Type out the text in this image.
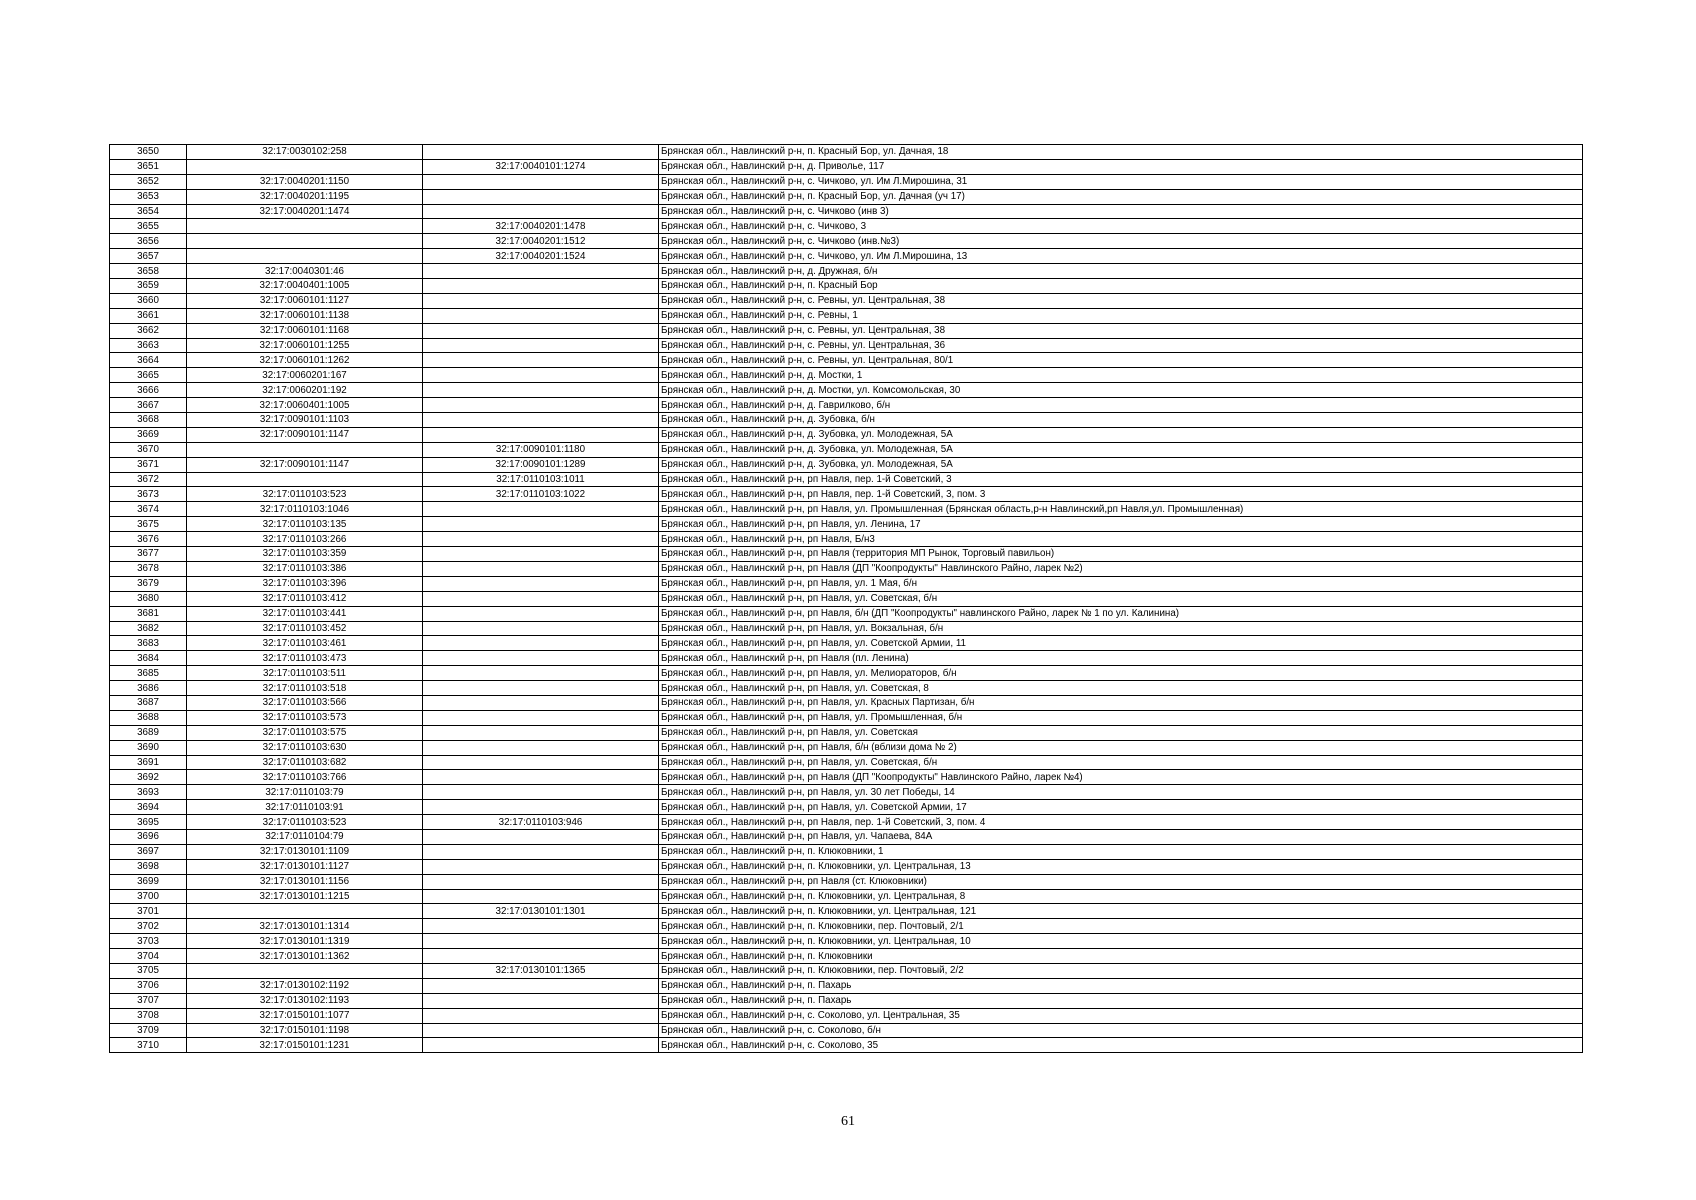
3650	32:17:0030102:258		Брянская обл., Навлинский р-н, п. Красный Бор, ул. Дачная, 18
3651		32:17:0040101:1274	Брянская обл., Навлинский р-н, д. Приволье, 117
3652	32:17:0040201:1150		Брянская обл., Навлинский р-н, с. Чичково, ул. Им Л.Мирошина, 31
3653	32:17:0040201:1195		Брянская обл., Навлинский р-н, п. Красный Бор, ул. Дачная (уч 17)
3654	32:17:0040201:1474		Брянская обл., Навлинский р-н, с. Чичково (инв 3)
3655		32:17:0040201:1478	Брянская обл., Навлинский р-н, с. Чичково, 3
3656		32:17:0040201:1512	Брянская обл., Навлинский р-н, с. Чичково (инв.№3)
3657		32:17:0040201:1524	Брянская обл., Навлинский р-н, с. Чичково, ул. Им Л.Мирошина, 13
3658	32:17:0040301:46		Брянская обл., Навлинский р-н, д. Дружная, б/н
3659	32:17:0040401:1005		Брянская обл., Навлинский р-н, п. Красный Бор
3660	32:17:0060101:1127		Брянская обл., Навлинский р-н, с. Ревны, ул. Центральная, 38
3661	32:17:0060101:1138		Брянская обл., Навлинский р-н, с. Ревны, 1
3662	32:17:0060101:1168		Брянская обл., Навлинский р-н, с. Ревны, ул. Центральная, 38
3663	32:17:0060101:1255		Брянская обл., Навлинский р-н, с. Ревны, ул. Центральная, 36
3664	32:17:0060101:1262		Брянская обл., Навлинский р-н, с. Ревны, ул. Центральная, 80/1
3665	32:17:0060201:167		Брянская обл., Навлинский р-н, д. Мостки, 1
3666	32:17:0060201:192		Брянская обл., Навлинский р-н, д. Мостки, ул. Комсомольская, 30
3667	32:17:0060401:1005		Брянская обл., Навлинский р-н, д. Гаврилково, б/н
3668	32:17:0090101:1103		Брянская обл., Навлинский р-н, д. Зубовка, б/н
3669	32:17:0090101:1147		Брянская обл., Навлинский р-н, д. Зубовка, ул. Молодежная, 5А
3670		32:17:0090101:1180	Брянская обл., Навлинский р-н, д. Зубовка, ул. Молодежная, 5А
3671	32:17:0090101:1147	32:17:0090101:1289	Брянская обл., Навлинский р-н, д. Зубовка, ул. Молодежная, 5А
3672		32:17:0110103:1011	Брянская обл., Навлинский р-н, рп Навля, пер. 1-й Советский, 3
3673	32:17:0110103:523	32:17:0110103:1022	Брянская обл., Навлинский р-н, рп Навля, пер. 1-й Советский, 3, пом. 3
3674	32:17:0110103:1046		Брянская обл., Навлинский р-н, рп Навля, ул. Промышленная (Брянская область,р-н Навлинский,рп Навля,ул. Промышленная)
3675	32:17:0110103:135		Брянская обл., Навлинский р-н, рп Навля, ул. Ленина, 17
3676	32:17:0110103:266		Брянская обл., Навлинский р-н, рп Навля, Б/н3
3677	32:17:0110103:359		Брянская обл., Навлинский р-н, рп Навля (территория МП Рынок, Торговый павильон)
3678	32:17:0110103:386		Брянская обл., Навлинский р-н, рп Навля (ДП "Коопродукты" Навлинского Райно, ларек №2)
3679	32:17:0110103:396		Брянская обл., Навлинский р-н, рп Навля, ул. 1 Мая, б/н
3680	32:17:0110103:412		Брянская обл., Навлинский р-н, рп Навля, ул. Советская, б/н
3681	32:17:0110103:441		Брянская обл., Навлинский р-н, рп Навля, б/н (ДП "Коопродукты" навлинского Райно, ларек № 1 по ул. Калинина)
3682	32:17:0110103:452		Брянская обл., Навлинский р-н, рп Навля, ул. Вокзальная, б/н
3683	32:17:0110103:461		Брянская обл., Навлинский р-н, рп Навля, ул. Советской Армии, 11
3684	32:17:0110103:473		Брянская обл., Навлинский р-н, рп Навля (пл. Ленина)
3685	32:17:0110103:511		Брянская обл., Навлинский р-н, рп Навля, ул. Мелиораторов, б/н
3686	32:17:0110103:518		Брянская обл., Навлинский р-н, рп Навля, ул. Советская, 8
3687	32:17:0110103:566		Брянская обл., Навлинский р-н, рп Навля, ул. Красных Партизан, б/н
3688	32:17:0110103:573		Брянская обл., Навлинский р-н, рп Навля, ул. Промышленная, б/н
3689	32:17:0110103:575		Брянская обл., Навлинский р-н, рп Навля, ул. Советская
3690	32:17:0110103:630		Брянская обл., Навлинский р-н, рп Навля, б/н (вблизи дома № 2)
3691	32:17:0110103:682		Брянская обл., Навлинский р-н, рп Навля, ул. Советская, б/н
3692	32:17:0110103:766		Брянская обл., Навлинский р-н, рп Навля (ДП "Коопродукты" Навлинского Райно, ларек №4)
3693	32:17:0110103:79		Брянская обл., Навлинский р-н, рп Навля, ул. 30 лет Победы, 14
3694	32:17:0110103:91		Брянская обл., Навлинский р-н, рп Навля, ул. Советской Армии, 17
3695	32:17:0110103:523	32:17:0110103:946	Брянская обл., Навлинский р-н, рп Навля, пер. 1-й Советский, 3, пом. 4
3696	32:17:0110104:79		Брянская обл., Навлинский р-н, рп Навля, ул. Чапаева, 84А
3697	32:17:0130101:1109		Брянская обл., Навлинский р-н, п. Клюковники, 1
3698	32:17:0130101:1127		Брянская обл., Навлинский р-н, п. Клюковники, ул. Центральная, 13
3699	32:17:0130101:1156		Брянская обл., Навлинский р-н, рп Навля (ст. Клюковники)
3700	32:17:0130101:1215		Брянская обл., Навлинский р-н, п. Клюковники, ул. Центральная, 8
3701		32:17:0130101:1301	Брянская обл., Навлинский р-н, п. Клюковники, ул. Центральная, 121
3702	32:17:0130101:1314		Брянская обл., Навлинский р-н, п. Клюковники, пер. Почтовый, 2/1
3703	32:17:0130101:1319		Брянская обл., Навлинский р-н, п. Клюковники, ул. Центральная, 10
3704	32:17:0130101:1362		Брянская обл., Навлинский р-н, п. Клюковники
3705		32:17:0130101:1365	Брянская обл., Навлинский р-н, п. Клюковники, пер. Почтовый, 2/2
3706	32:17:0130102:1192		Брянская обл., Навлинский р-н, п. Пахарь
3707	32:17:0130102:1193		Брянская обл., Навлинский р-н, п. Пахарь
3708	32:17:0150101:1077		Брянская обл., Навлинский р-н, с. Соколово, ул. Центральная, 35
3709	32:17:0150101:1198		Брянская обл., Навлинский р-н, с. Соколово, б/н
3710	32:17:0150101:1231		Брянская обл., Навлинский р-н, с. Соколово, 35
61
